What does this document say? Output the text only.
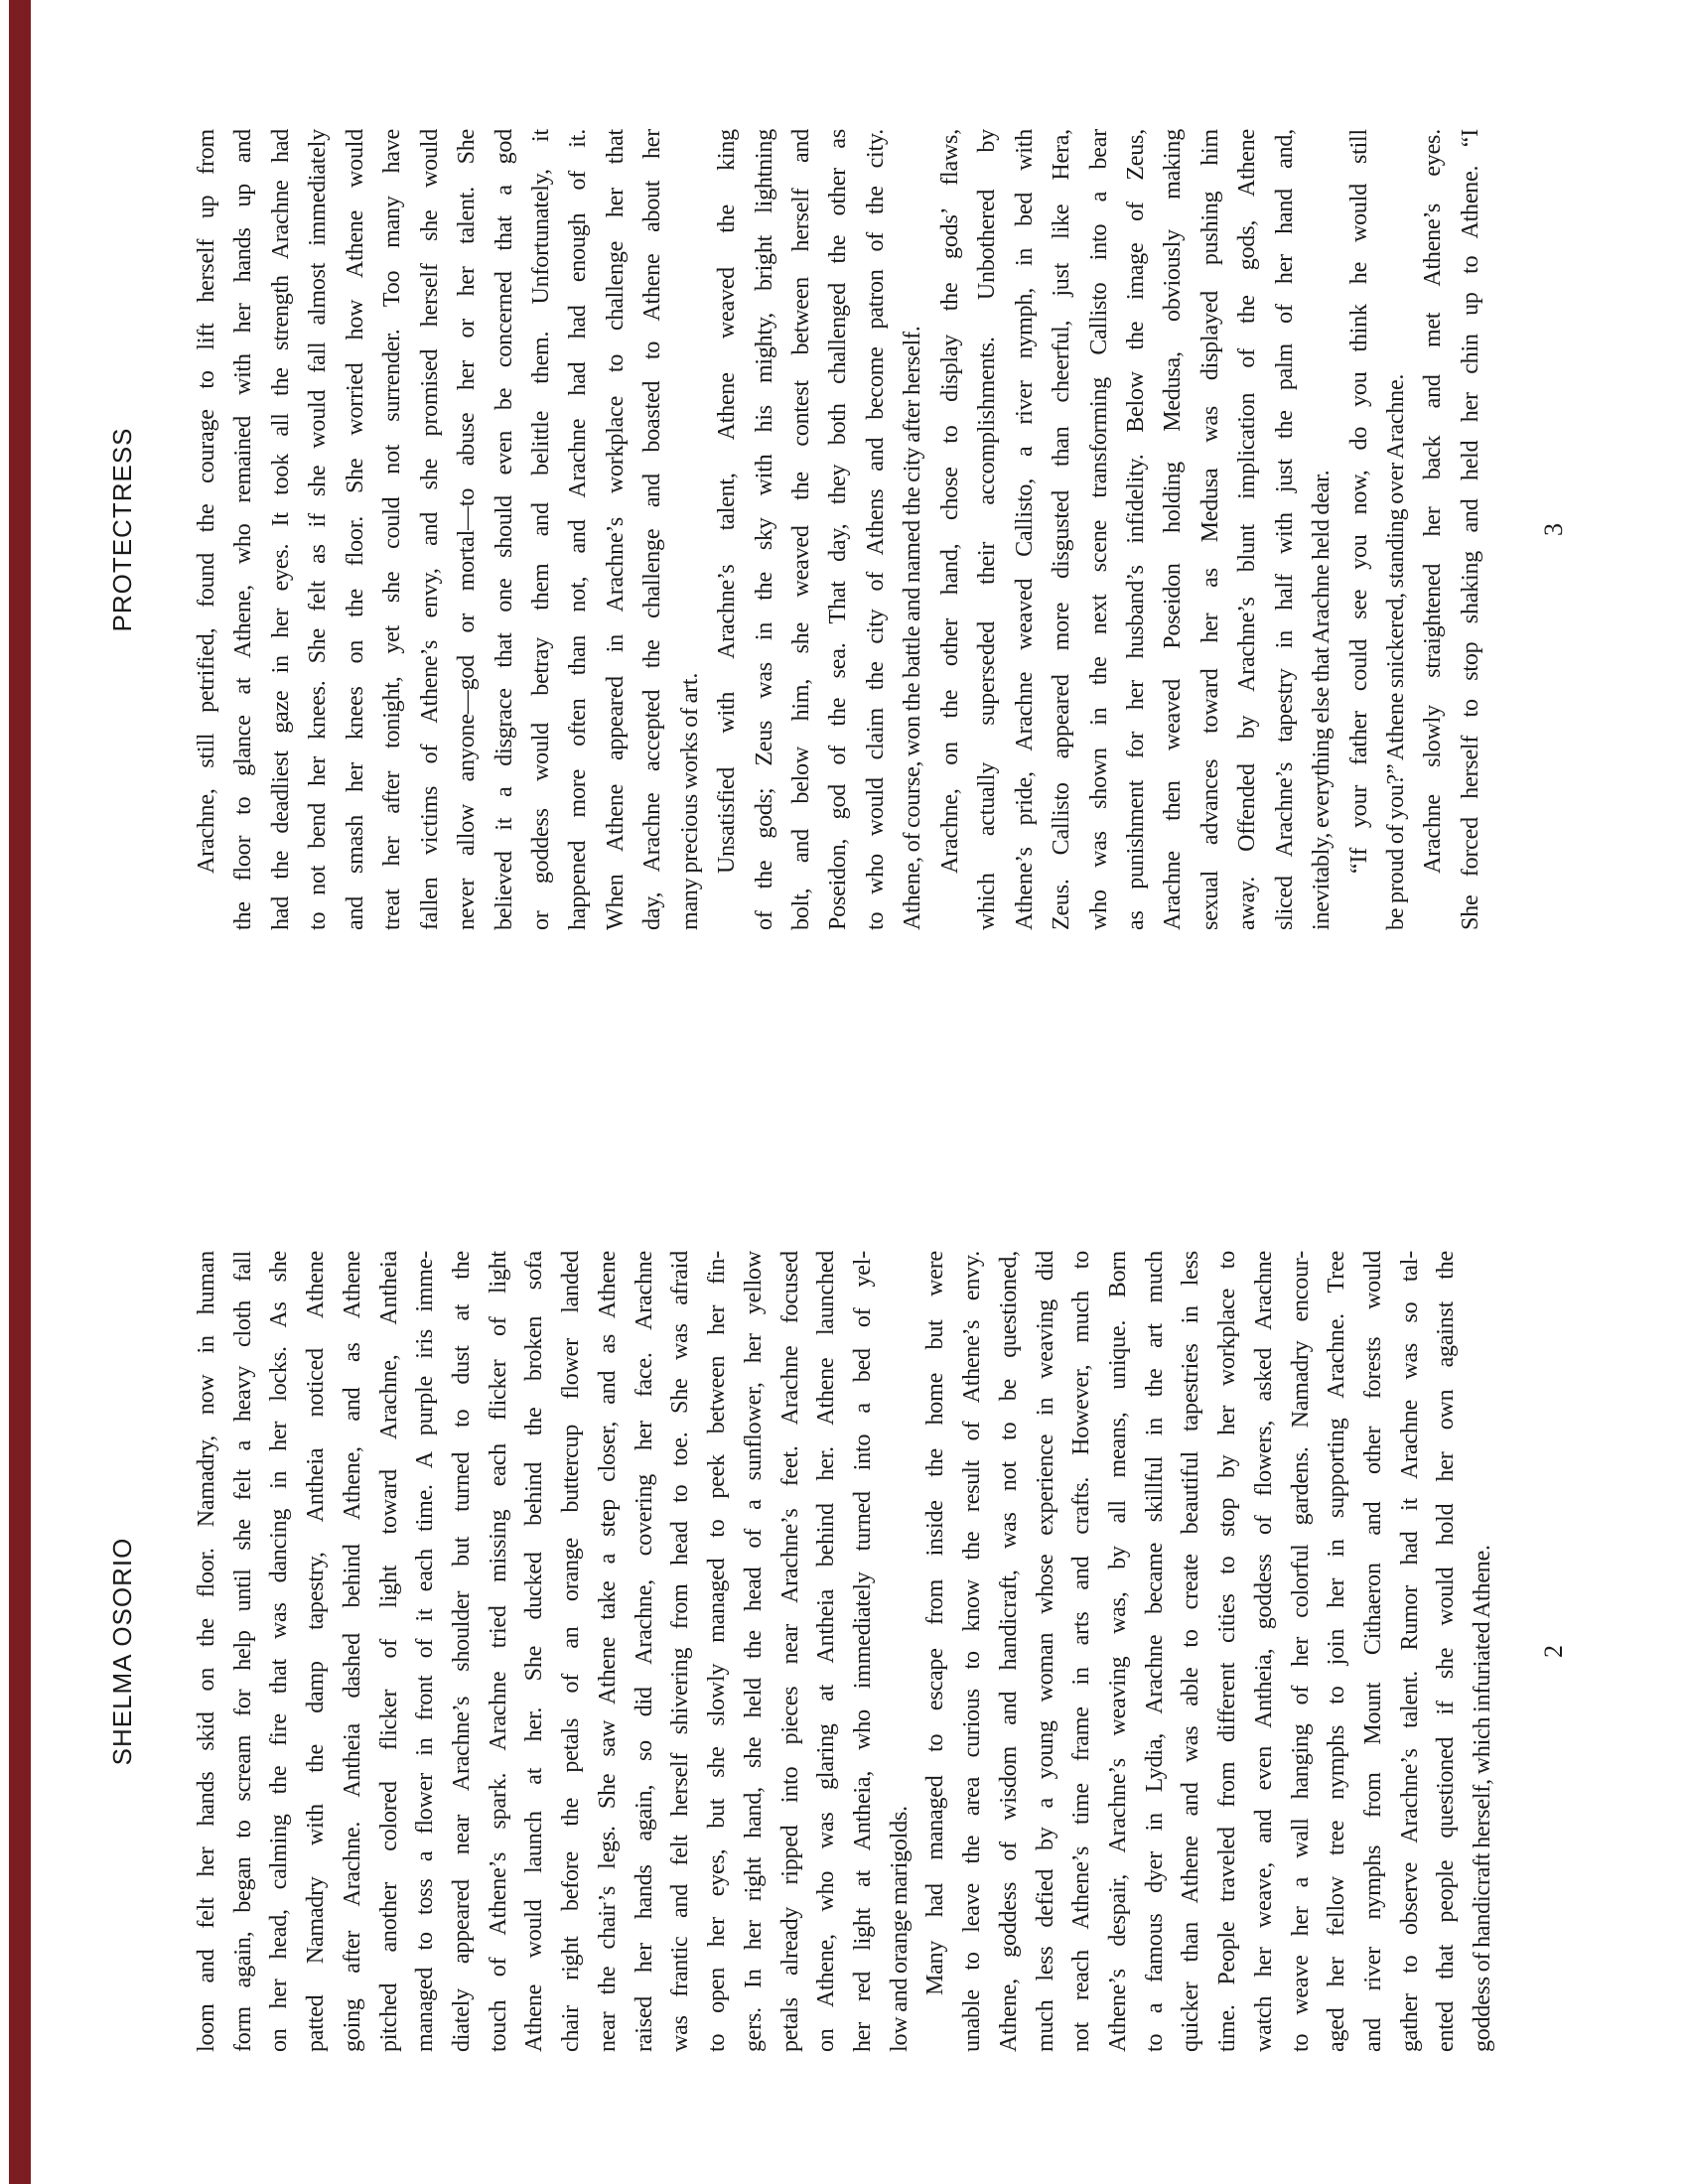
PROTECTRESS Arachne, still petrified, found the courage to lift herself up from the floor to glance at Athene, who remained with her hands up and had the deadliest gaze in her eyes. It took all the strength Arachne had to not bend her knees. She felt as if she would fall almost immediately and smash her knees on the floor. She worried how Athene would treat her after tonight, yet she could not surrender. Too many have fallen victims of Athene’s envy, and she promised herself she would never allow anyone—god or mortal—to abuse her or her talent. She believed it a disgrace that one should even be concerned that a god or goddess would betray them and belittle them. Unfortunately, it happened more often than not, and Arachne had had enough of it. When Athene appeared in Arachne’s workplace to challenge her that day, Arachne accepted the challenge and boasted to Athene about her many precious works of art. Unsatisfied with Arachne’s talent, Athene weaved the king of the gods; Zeus was in the sky with his mighty, bright lightning bolt, and below him, she weaved the contest between herself and Poseidon, god of the sea. That day, they both challenged the other as to who would claim the city of Athens and become patron of the city. Athene, of course, won the battle and named the city after herself. Arachne, on the other hand, chose to display the gods’ flaws, which actually superseded their accomplishments. Unbothered by Athene’s pride, Arachne weaved Callisto, a river nymph, in bed with Zeus. Callisto appeared more disgusted than cheerful, just like Hera, who was shown in the next scene transforming Callisto into a bear as punishment for her husband’s infidelity. Below the image of Zeus, Arachne then weaved Poseidon holding Medusa, obviously making sexual advances toward her as Medusa was displayed pushing him away. Offended by Arachne’s blunt implication of the gods, Athene sliced Arachne’s tapestry in half with just the palm of her hand and, inevitably, everything else that Arachne held dear. “If your father could see you now, do you think he would still be proud of you?” Athene snickered, standing over Arachne. Arachne slowly straightened her back and met Athene’s eyes. She forced herself to stop shaking and held her chin up to Athene. “I 3
SHELMA OSORIO loom and felt her hands skid on the floor. Namadry, now in human form again, began to scream for help until she felt a heavy cloth fall on her head, calming the fire that was dancing in her locks. As she patted Namadry with the damp tapestry, Antheia noticed Athene going after Arachne. Antheia dashed behind Athene, and as Athene pitched another colored flicker of light toward Arachne, Antheia managed to toss a flower in front of it each time. A purple iris imme- diately appeared near Arachne’s shoulder but turned to dust at the touch of Athene’s spark. Arachne tried missing each flicker of light Athene would launch at her. She ducked behind the broken sofa chair right before the petals of an orange buttercup flower landed near the chair’s legs. She saw Athene take a step closer, and as Athene raised her hands again, so did Arachne, covering her face. Arachne was frantic and felt herself shivering from head to toe. She was afraid to open her eyes, but she slowly managed to peek between her fin- gers. In her right hand, she held the head of a sunflower, her yellow petals already ripped into pieces near Arachne’s feet. Arachne focused on Athene, who was glaring at Antheia behind her. Athene launched her red light at Antheia, who immediately turned into a bed of yel- low and orange marigolds. Many had managed to escape from inside the home but were unable to leave the area curious to know the result of Athene’s envy. Athene, goddess of wisdom and handicraft, was not to be questioned, much less defied by a young woman whose experience in weaving did not reach Athene’s time frame in arts and crafts. However, much to Athene’s despair, Arachne’s weaving was, by all means, unique. Born to a famous dyer in Lydia, Arachne became skillful in the art much quicker than Athene and was able to create beautiful tapestries in less time. People traveled from different cities to stop by her workplace to watch her weave, and even Antheia, goddess of flowers, asked Arachne to weave her a wall hanging of her colorful gardens. Namadry encour- aged her fellow tree nymphs to join her in supporting Arachne. Tree and river nymphs from Mount Cithaeron and other forests would gather to observe Arachne’s talent. Rumor had it Arachne was so tal- ented that people questioned if she would hold her own against the goddess of handicraft herself, which infuriated Athene. 2
